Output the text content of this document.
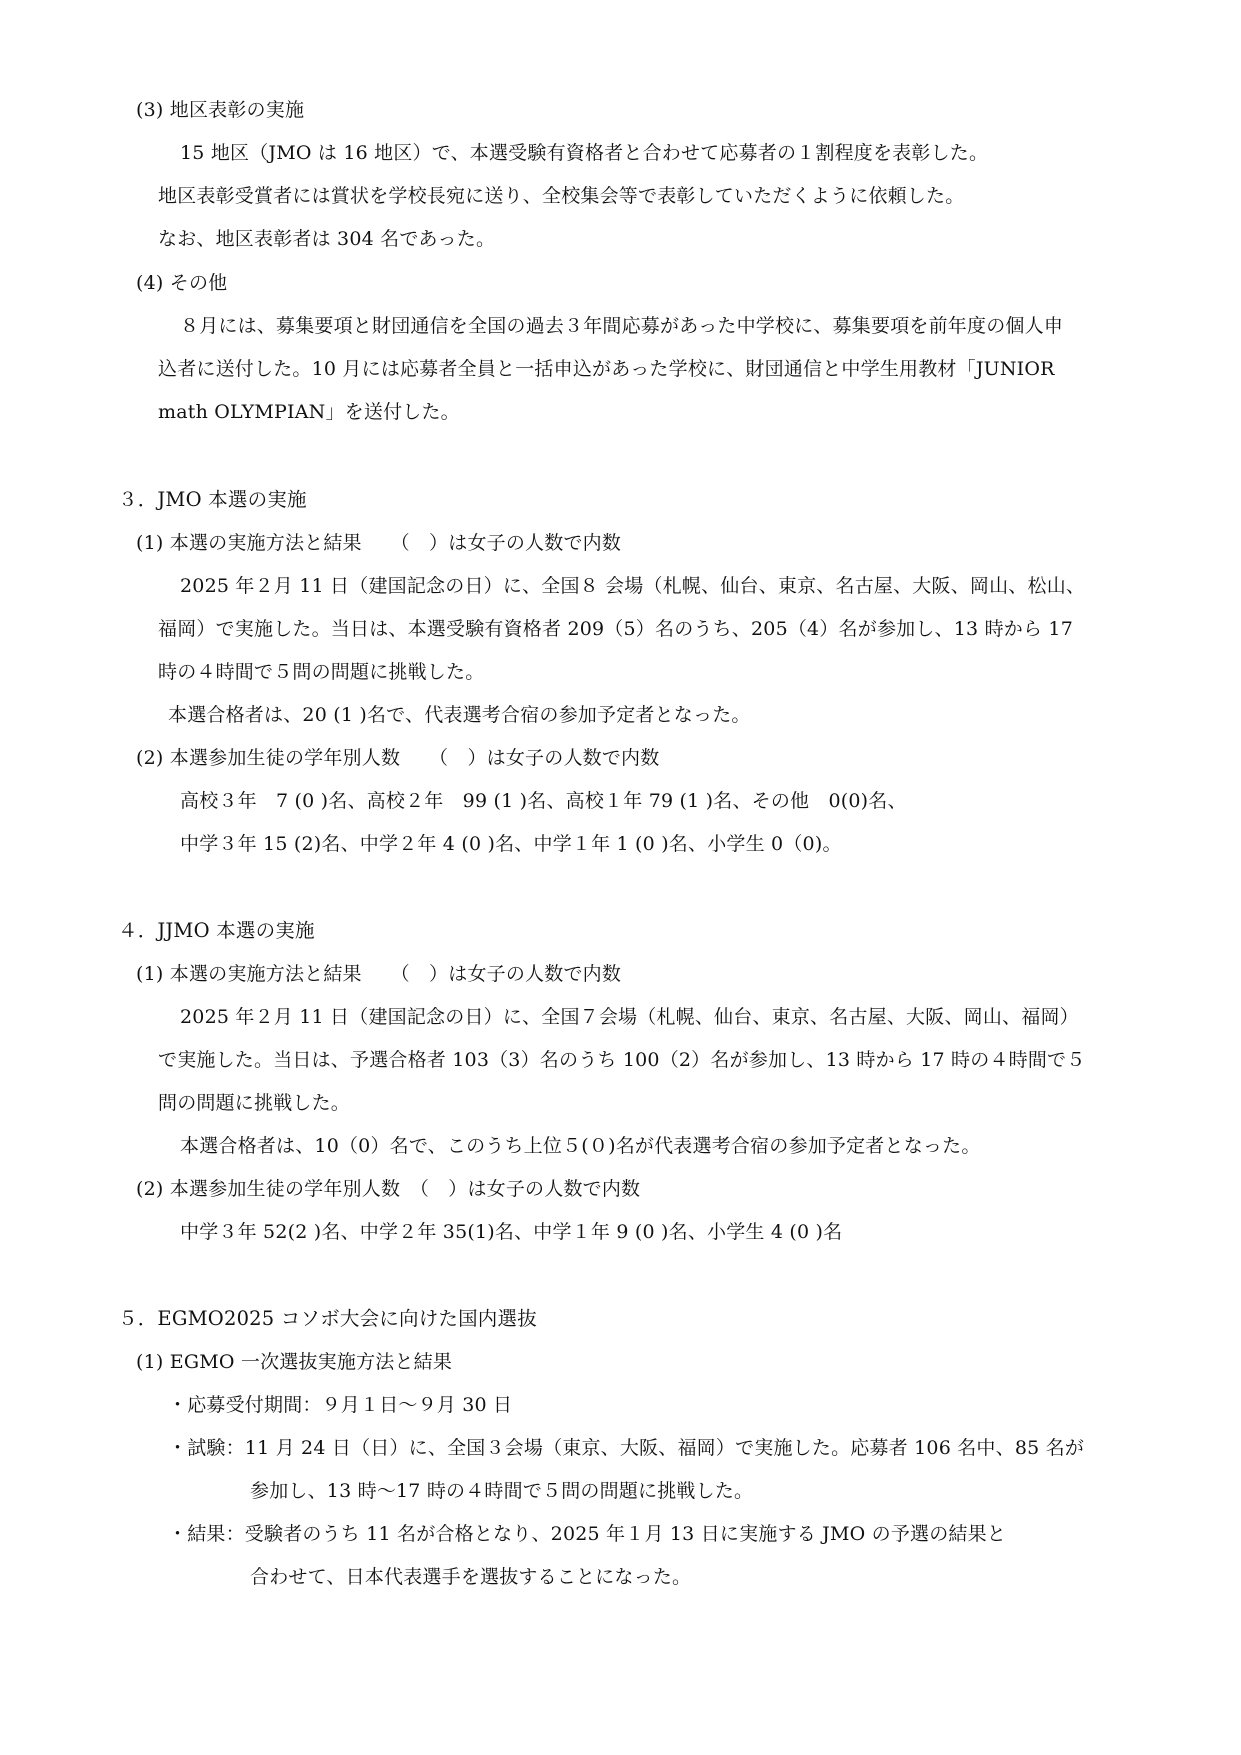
(3) 地区表彰の実施

15 地区（JMO は 16 地区）で、本選受験有資格者と合わせて応募者の１割程度を表彰した。

地区表彰受賞者には賞状を学校長宛に送り、全校集会等で表彰していただくように依頼した。

なお、地区表彰者は 304 名であった。

(4) その他

８月には、募集要項と財団通信を全国の過去３年間応募があった中学校に、募集要項を前年度の個人申

込者に送付した。10 月には応募者全員と一括申込があった学校に、財団通信と中学生用教材「JUNIOR

math OLYMPIAN」を送付した。

３．JMO 本選の実施

(1) 本選の実施方法と結果　　（　）は女子の人数で内数

2025 年２月 11 日（建国記念の日）に、全国８ 会場（札幌、仙台、東京、名古屋、大阪、岡山、松山、

福岡）で実施した。当日は、本選受験有資格者 209（5）名のうち、205（4）名が参加し、13 時から 17

時の４時間で５問の問題に挑戦した。

本選合格者は、20 (1 )名で、代表選考合宿の参加予定者となった。

(2) 本選参加生徒の学年別人数　　（　）は女子の人数で内数

高校３年　7 (0 )名、高校２年　99 (1 )名、高校１年 79 (1 )名、その他　0(0)名、

中学３年 15 (2)名、中学２年 4 (0 )名、中学１年 1 (0 )名、小学生 0（0)。

４．JJMO 本選の実施

(1) 本選の実施方法と結果　　（　）は女子の人数で内数

2025 年２月 11 日（建国記念の日）に、全国７会場（札幌、仙台、東京、名古屋、大阪、岡山、福岡）

で実施した。当日は、予選合格者 103（3）名のうち 100（2）名が参加し、13 時から 17 時の４時間で５

問の問題に挑戦した。

本選合格者は、10（0）名で、このうち上位５(０)名が代表選考合宿の参加予定者となった。

(2) 本選参加生徒の学年別人数　（　）は女子の人数で内数

中学３年 52(2 )名、中学２年 35(1)名、中学１年 9 (0 )名、小学生 4 (0 )名

５．EGMO2025 コソボ大会に向けた国内選抜

(1) EGMO 一次選抜実施方法と結果

・応募受付期間：９月１日〜９月 30 日

・試験：11 月 24 日（日）に、全国３会場（東京、大阪、福岡）で実施した。応募者 106 名中、85 名が

参加し、13 時〜17 時の４時間で５問の問題に挑戦した。

・結果：受験者のうち 11 名が合格となり、2025 年１月 13 日に実施する JMO の予選の結果と

合わせて、日本代表選手を選抜することになった。
